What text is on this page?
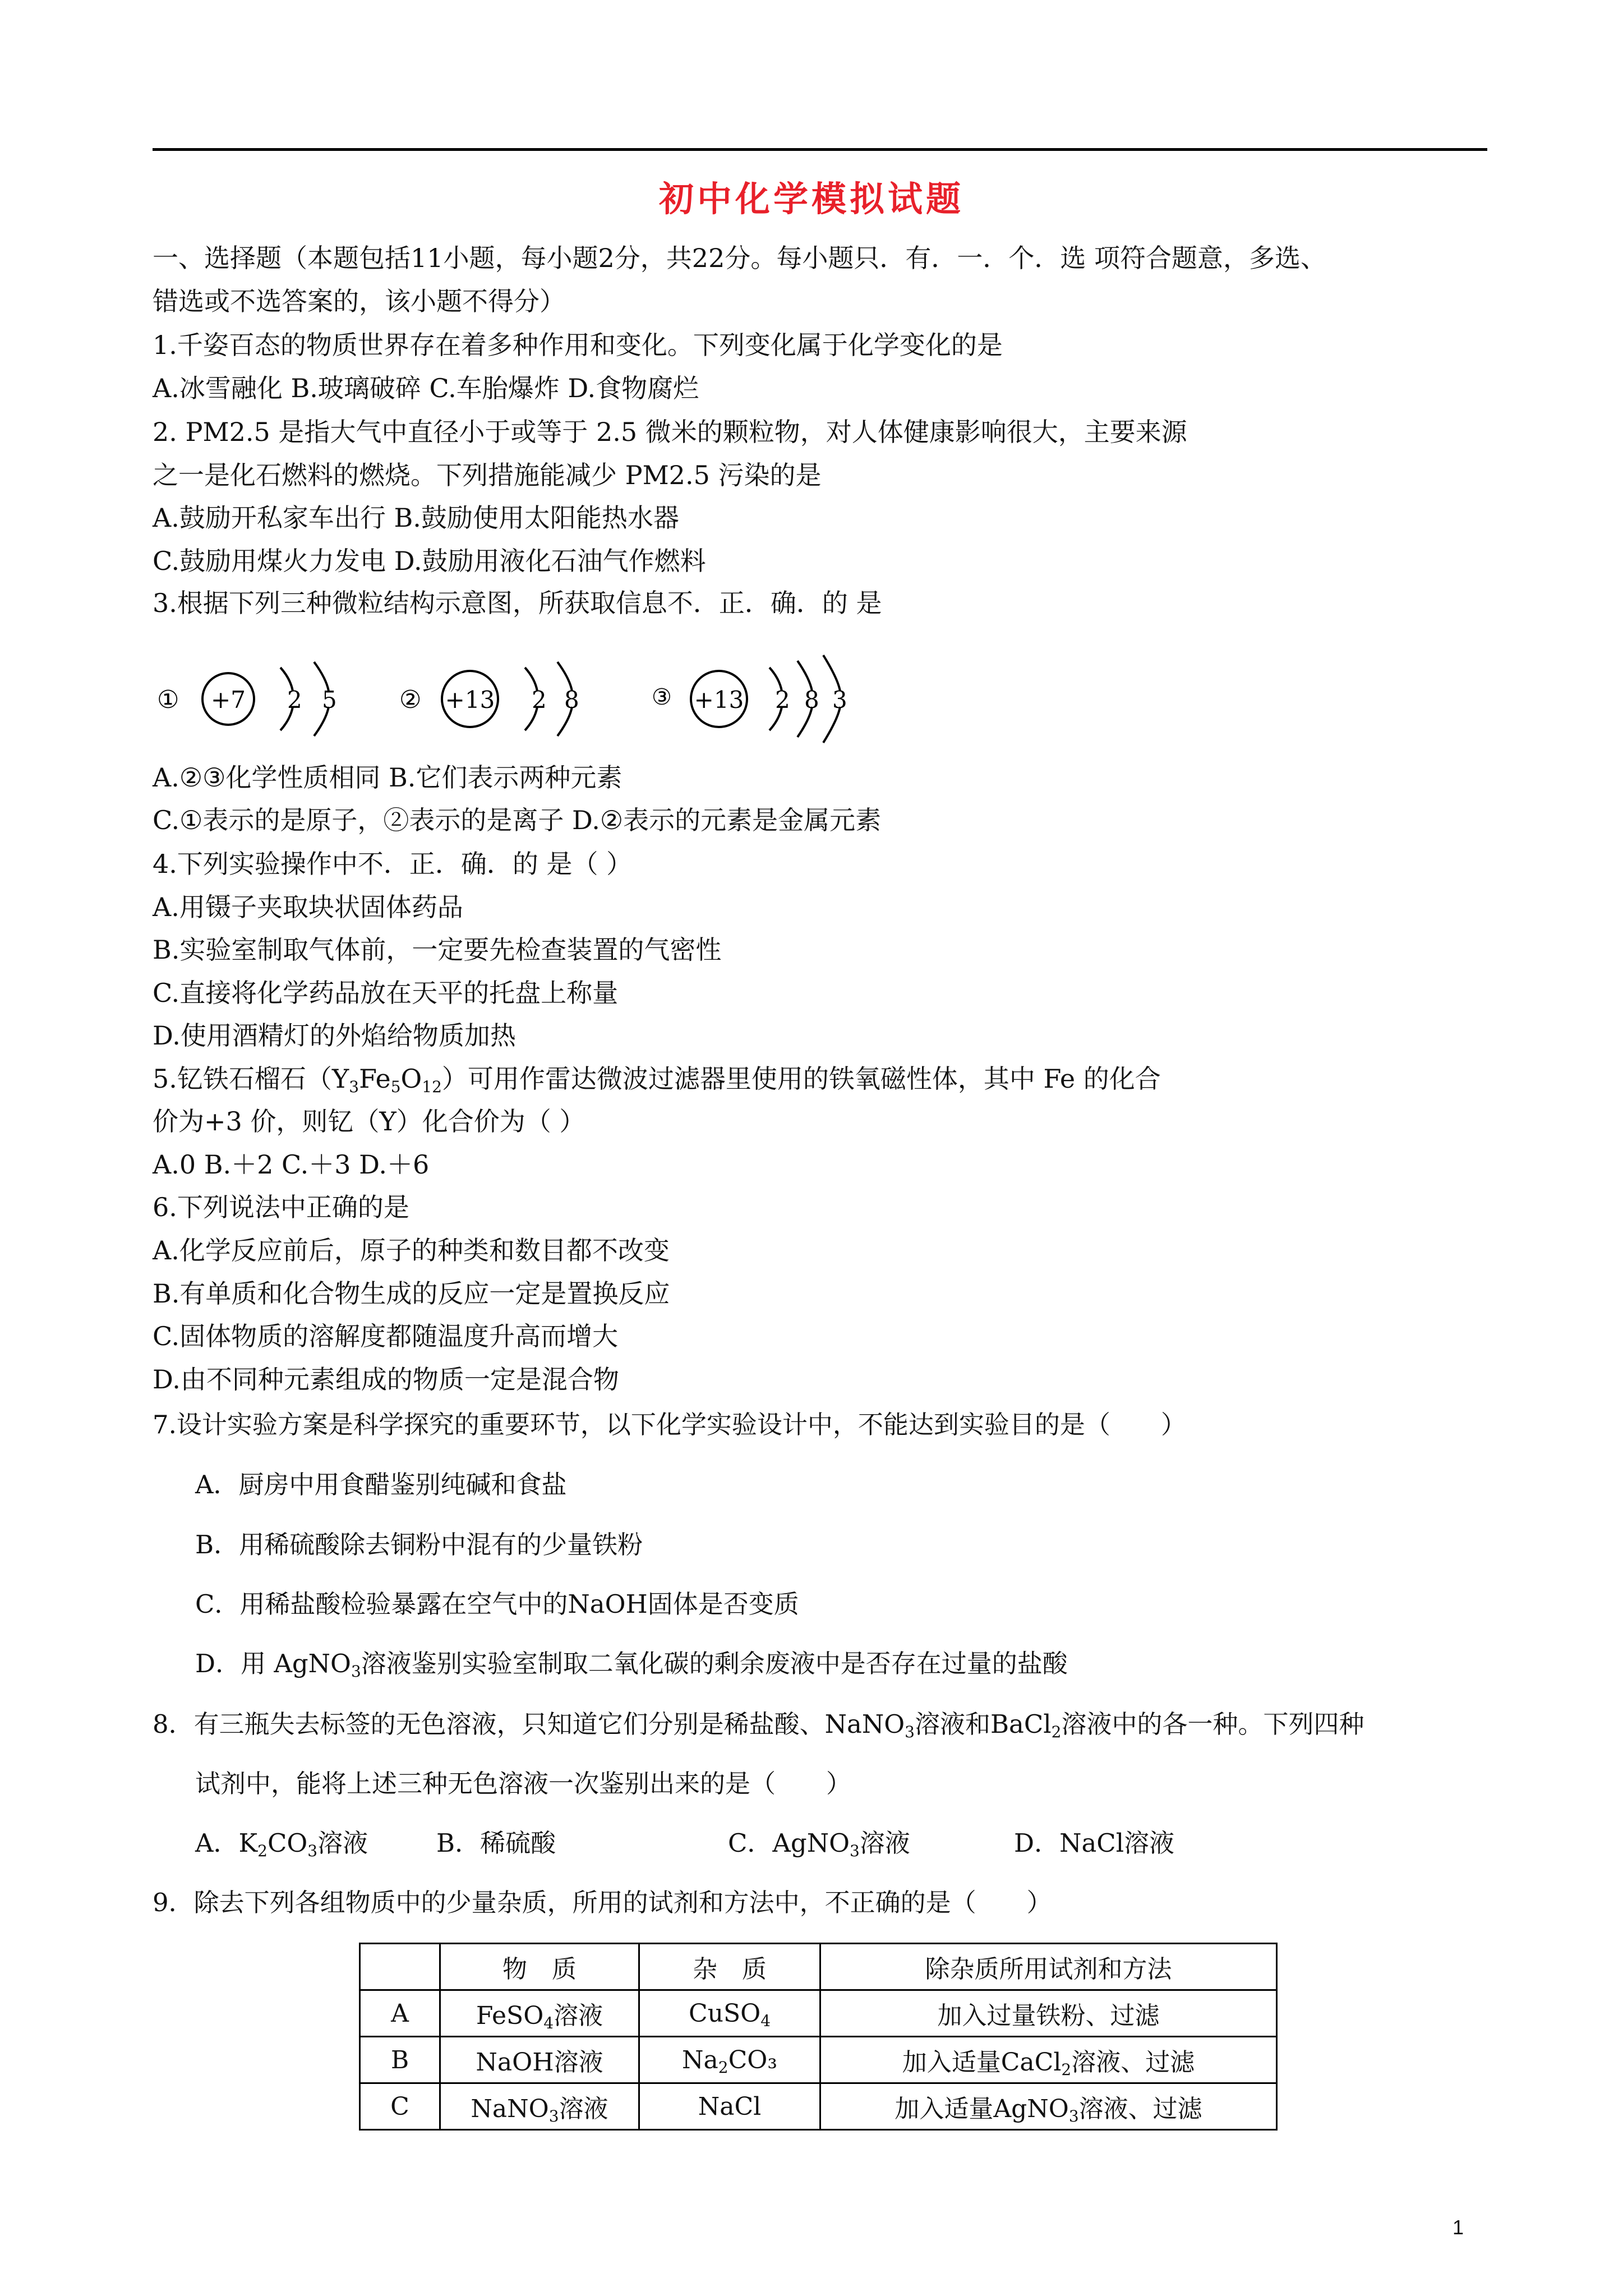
初中化学模拟试题
一、选择题（本题包括11小题，每小题2分，共22分。每小题只．有．一．个．选 项符合题意，多选、
错选或不选答案的，该小题不得分）
1.千姿百态的物质世界存在着多种作用和变化。下列变化属于化学变化的是
A.冰雪融化 B.玻璃破碎 C.车胎爆炸 D.食物腐烂
2. PM2.5 是指大气中直径小于或等于 2.5 微米的颗粒物，对人体健康影响很大，主要来源
之一是化石燃料的燃烧。下列措施能减少 PM2.5 污染的是
A.鼓励开私家车出行 B.鼓励使用太阳能热水器
C.鼓励用煤火力发电 D.鼓励用液化石油气作燃料
3.根据下列三种微粒结构示意图，所获取信息不．正．确．的 是
① +7 2 5	② +13 2 8	③ +13 2 8 3
A.②③化学性质相同 B.它们表示两种元素
C.①表示的是原子，②表示的是离子 D.②表示的元素是金属元素
4.下列实验操作中不．正．确．的 是（ ）
A.用镊子夹取块状固体药品
B.实验室制取气体前，一定要先检查装置的气密性
C.直接将化学药品放在天平的托盘上称量
D.使用酒精灯的外焰给物质加热
5.钇铁石榴石$(Y_3Fe_5O_{12})$可用作雷达微波过滤器里使用的铁氧磁性体，其中 Fe 的化合
价为+3 价，则钇（Y）化合价为（ ）
A.0 B.＋2 C.＋3 D.＋6
6.下列说法中正确的是
A.化学反应前后，原子的种类和数目都不改变
B.有单质和化合物生成的反应一定是置换反应
C.固体物质的溶解度都随温度升高而增大
D.由不同种元素组成的物质一定是混合物
7.设计实验方案是科学探究的重要环节，以下化学实验设计中，不能达到实验目的是（　　）
A．厨房中用食醋鉴别纯碱和食盐
B．用稀硫酸除去铜粉中混有的少量铁粉
C．用稀盐酸检验暴露在空气中的NaOH固体是否变质
D．用 AgNO$_3$溶液鉴别实验室制取二氧化碳的剩余废液中是否存在过量的盐酸
8．有三瓶失去标签的无色溶液，只知道它们分别是稀盐酸、NaNO$_3$溶液和BaCl$_2$溶液中的各一种。下列四种
试剂中，能将上述三种无色溶液一次鉴别出来的是（　　）
A．$K_2CO_3$溶液	B．稀硫酸	C．AgNO$_3$溶液	D．NaCl溶液
9．除去下列各组物质中的少量杂质，所用的试剂和方法中，不正确的是（　　）
	物　质	杂　质	除杂质所用试剂和方法
A	FeSO$_4$溶液	CuSO$_4$	加入过量铁粉、过滤
B	NaOH溶液	$Na_2CO_3$	加入适量CaCl$_2$溶液、过滤
C	NaNO$_3$溶液	NaCl	加入适量AgNO$_3$溶液、过滤
1
